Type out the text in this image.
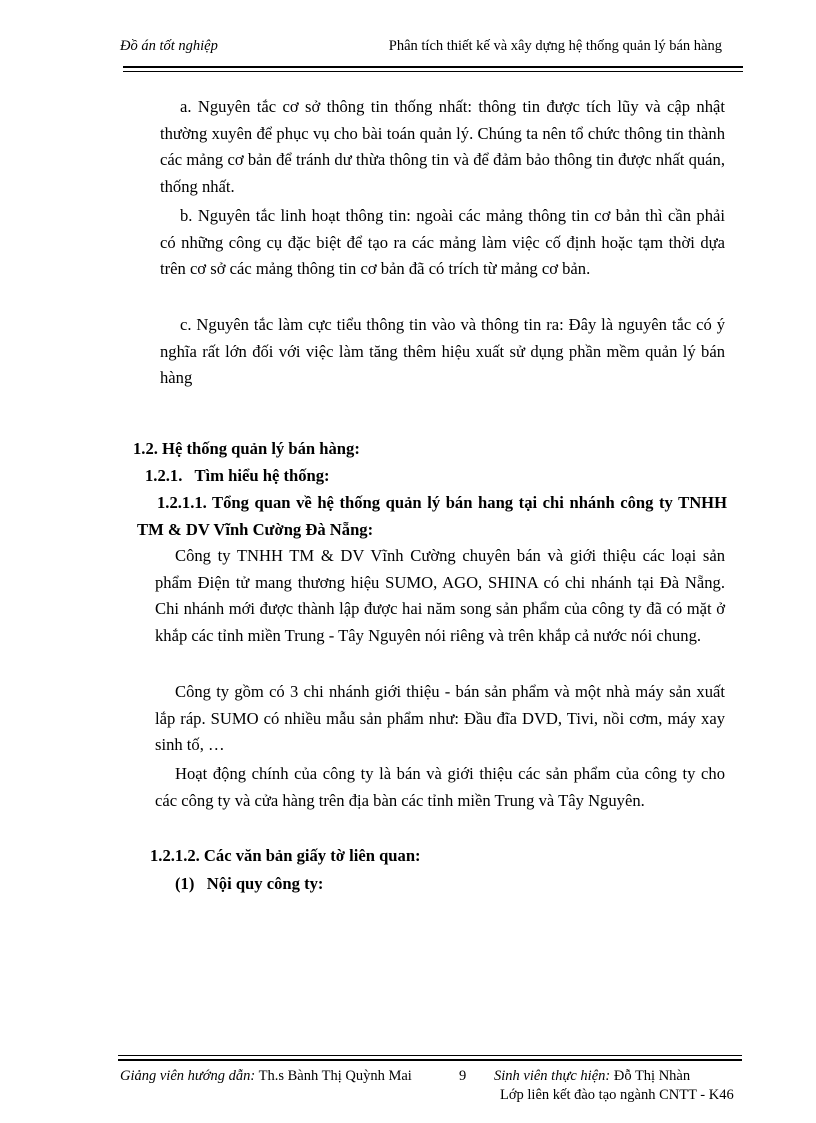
Đồ án tốt nghiệp	Phân tích thiết kế và xây dựng hệ thống quản lý bán hàng

a. Nguyên tắc cơ sở thông tin thống nhất: thông tin được tích lũy và cập nhật thường xuyên để phục vụ cho bài toán quản lý. Chúng ta nên tổ chức thông tin thành các mảng cơ bản để tránh dư thừa thông tin và để đảm bảo thông tin được nhất quán, thống nhất.

b. Nguyên tắc linh hoạt thông tin: ngoài các mảng thông tin cơ bản thì cần phải có những công cụ đặc biệt để tạo ra các mảng làm việc cố định hoặc tạm thời dựa trên cơ sở các mảng thông tin cơ bản đã có trích từ mảng cơ bản.

c. Nguyên tắc làm cực tiểu thông tin vào và thông tin ra: Đây là nguyên tắc có ý nghĩa rất lớn đối với việc làm tăng thêm hiệu xuất sử dụng phần mềm quản lý bán hàng

1.2. Hệ thống quản lý bán hàng:

1.2.1.   Tìm hiểu hệ thống:

1.2.1.1. Tổng quan về hệ thống quản lý bán hang tại chi nhánh công ty TNHH TM & DV Vĩnh Cường Đà Nẵng:

Công ty TNHH TM & DV Vĩnh Cường chuyên bán và giới thiệu các loại sản phẩm Điện tử mang thương hiệu SUMO, AGO, SHINA có chi nhánh tại Đà Nẵng. Chi nhánh mới được thành lập được hai năm song sản phẩm của công ty đã có mặt ở khắp các tỉnh miền Trung - Tây Nguyên nói riêng và trên khắp cả nước nói chung.

Công ty gồm có 3 chi nhánh giới thiệu - bán sản phẩm và một nhà máy sản xuất lắp ráp. SUMO có nhiều mẫu sản phẩm như: Đầu đĩa DVD, Tivi, nồi cơm, máy xay sinh tố, …

Hoạt động chính của công ty là bán và giới thiệu các sản phẩm của công ty cho các công ty và cửa hàng trên địa bàn các tỉnh miền Trung và Tây Nguyên.

1.2.1.2. Các văn bản giấy tờ liên quan:

(1)   Nội quy công ty:

Giảng viên hướng dẫn: Th.s Bành Thị Quỳnh Mai	9 Sinh viên thực hiện: Đỗ Thị Nhàn
Lớp liên kết đào tạo ngành CNTT - K46
